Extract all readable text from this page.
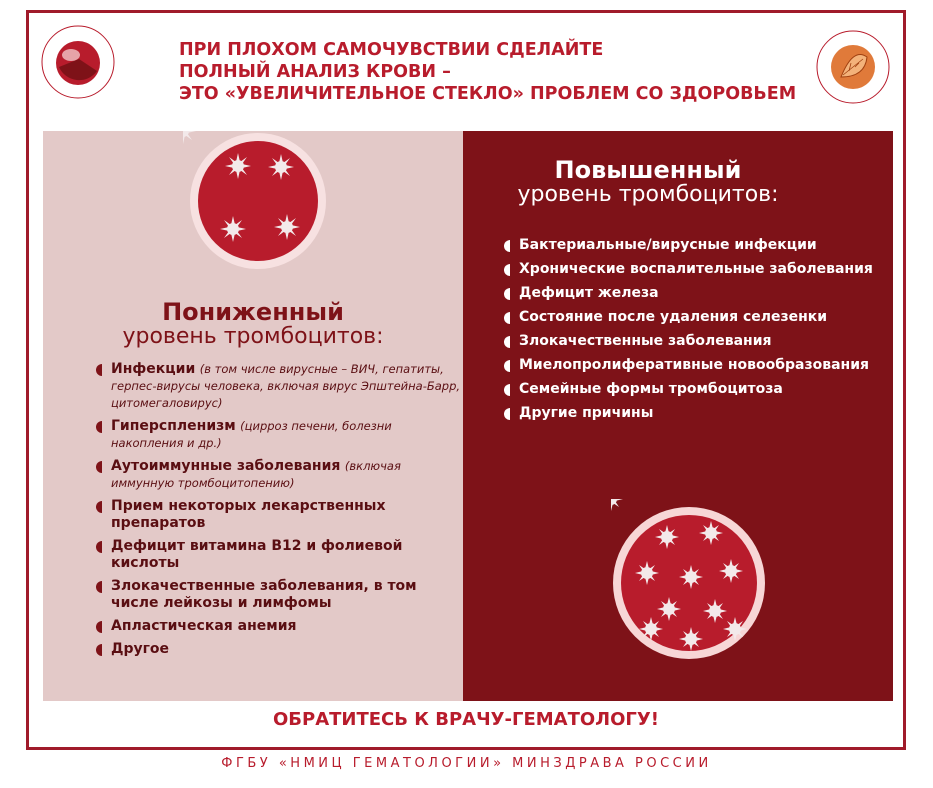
ПРИ ПЛОХОМ САМОЧУВСТВИИ СДЕЛАЙТЕ
ПОЛНЫЙ АНАЛИЗ КРОВИ –
ЭТО «УВЕЛИЧИТЕЛЬНОЕ СТЕКЛО» ПРОБЛЕМ СО ЗДОРОВЬЕМ
Пониженный
уровень тромбоцитов:
Инфекции (в том числе вирусные – ВИЧ, гепатиты, герпес-вирусы человека, включая вирус Эпштейна-Барр, цитомегаловирус)
Гиперспленизм (цирроз печени, болезни накопления и др.)
Аутоиммунные заболевания (включая иммунную тромбоцитопению)
Прием некоторых лекарственных препаратов
Дефицит витамина В12 и фолиевой кислоты
Злокачественные заболевания, в том числе лейкозы и лимфомы
Апластическая анемия
Другое
Повышенный
уровень тромбоцитов:
Бактериальные/вирусные инфекции
Хронические воспалительные заболевания
Дефицит железа
Состояние после удаления селезенки
Злокачественные заболевания
Миелопролиферативные новообразования
Семейные формы тромбоцитоза
Другие причины
ОБРАТИТЕСЬ К ВРАЧУ-ГЕМАТОЛОГУ!
ФГБУ «НМИЦ ГЕМАТОЛОГИИ» МИНЗДРАВА РОССИИ
